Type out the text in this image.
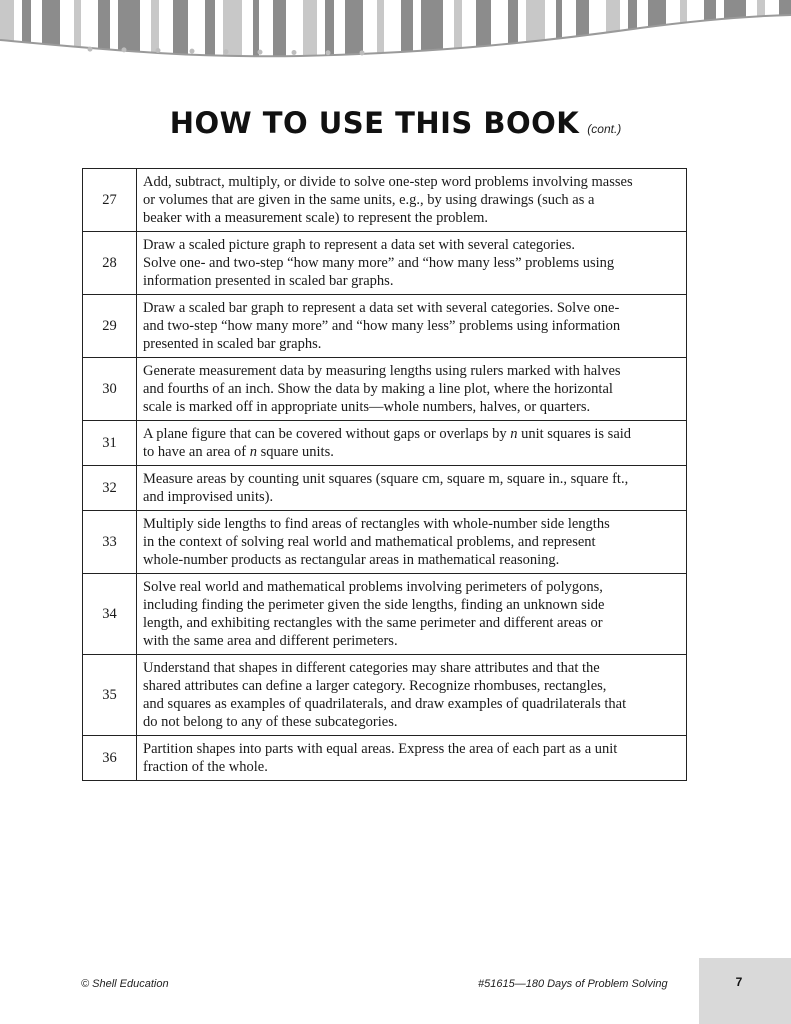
HOW TO USE THIS BOOK (cont.)
27	Add, subtract, multiply, or divide to solve one-step word problems involving masses
or volumes that are given in the same units, e.g., by using drawings (such as a
beaker with a measurement scale) to represent the problem.

28	Draw a scaled picture graph to represent a data set with several categories.
Solve one- and two-step “how many more” and “how many less” problems using
information presented in scaled bar graphs.

29	Draw a scaled bar graph to represent a data set with several categories. Solve one-
and two-step “how many more” and “how many less” problems using information
presented in scaled bar graphs.

30	Generate measurement data by measuring lengths using rulers marked with halves
and fourths of an inch. Show the data by making a line plot, where the horizontal
scale is marked off in appropriate units—whole numbers, halves, or quarters.

31	A plane figure that can be covered without gaps or overlaps by n unit squares is said
to have an area of n square units.

32	Measure areas by counting unit squares (square cm, square m, square in., square ft.,
and improvised units).

33	Multiply side lengths to find areas of rectangles with whole-number side lengths
in the context of solving real world and mathematical problems, and represent
whole-number products as rectangular areas in mathematical reasoning.

34	Solve real world and mathematical problems involving perimeters of polygons,
including finding the perimeter given the side lengths, finding an unknown side
length, and exhibiting rectangles with the same perimeter and different areas or
with the same area and different perimeters.

35	Understand that shapes in different categories may share attributes and that the
shared attributes can define a larger category. Recognize rhombuses, rectangles,
and squares as examples of quadrilaterals, and draw examples of quadrilaterals that
do not belong to any of these subcategories.

36	Partition shapes into parts with equal areas. Express the area of each part as a unit
fraction of the whole.
© Shell Education	#51615—180 Days of Problem Solving	7
